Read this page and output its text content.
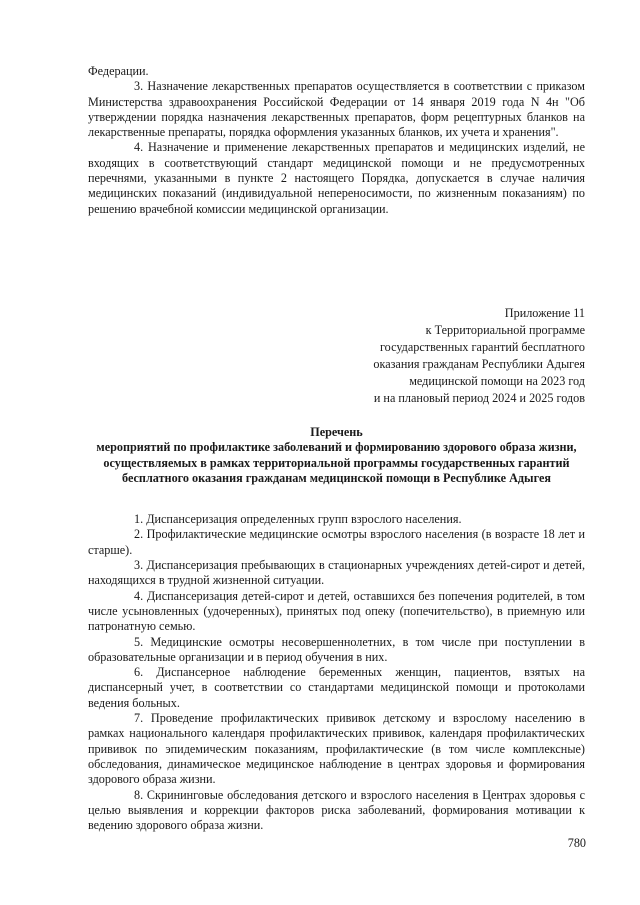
Федерации.

3. Назначение лекарственных препаратов осуществляется в соответствии с приказом Министерства здравоохранения Российской Федерации от 14 января 2019 года N 4н "Об утверждении порядка назначения лекарственных препаратов, форм рецептурных бланков на лекарственные препараты, порядка оформления указанных бланков, их учета и хранения".

4. Назначение и применение лекарственных препаратов и медицинских изделий, не входящих в соответствующий стандарт медицинской помощи и не предусмотренных перечнями, указанными в пункте 2 настоящего Порядка, допускается в случае наличия медицинских показаний (индивидуальной непереносимости, по жизненным показаниям) по решению врачебной комиссии медицинской организации.

Приложение 11
к Территориальной программе
государственных гарантий бесплатного
оказания гражданам Республики Адыгея
медицинской помощи на 2023 год
и на плановый период 2024 и 2025 годов
Перечень
мероприятий по профилактике заболеваний и формированию здорового образа жизни, осуществляемых в рамках территориальной программы государственных гарантий бесплатного оказания гражданам медицинской помощи в Республике Адыгея

1. Диспансеризация определенных групп взрослого населения.

2. Профилактические медицинские осмотры взрослого населения (в возрасте 18 лет и старше).

3. Диспансеризация пребывающих в стационарных учреждениях детей-сирот и детей, находящихся в трудной жизненной ситуации.

4. Диспансеризация детей-сирот и детей, оставшихся без попечения родителей, в том числе усыновленных (удочеренных), принятых под опеку (попечительство), в приемную или патронатную семью.

5. Медицинские осмотры несовершеннолетних, в том числе при поступлении в образовательные организации и в период обучения в них.

6. Диспансерное наблюдение беременных женщин, пациентов, взятых на диспансерный учет, в соответствии со стандартами медицинской помощи и протоколами ведения больных.

7. Проведение профилактических прививок детскому и взрослому населению в рамках национального календаря профилактических прививок, календаря профилактических прививок по эпидемическим показаниям, профилактические (в том числе комплексные) обследования, динамическое медицинское наблюдение в центрах здоровья и формирования здорового образа жизни.

8. Скрининговые обследования детского и взрослого населения в Центрах здоровья с целью выявления и коррекции факторов риска заболеваний, формирования мотивации к ведению здорового образа жизни.

780
